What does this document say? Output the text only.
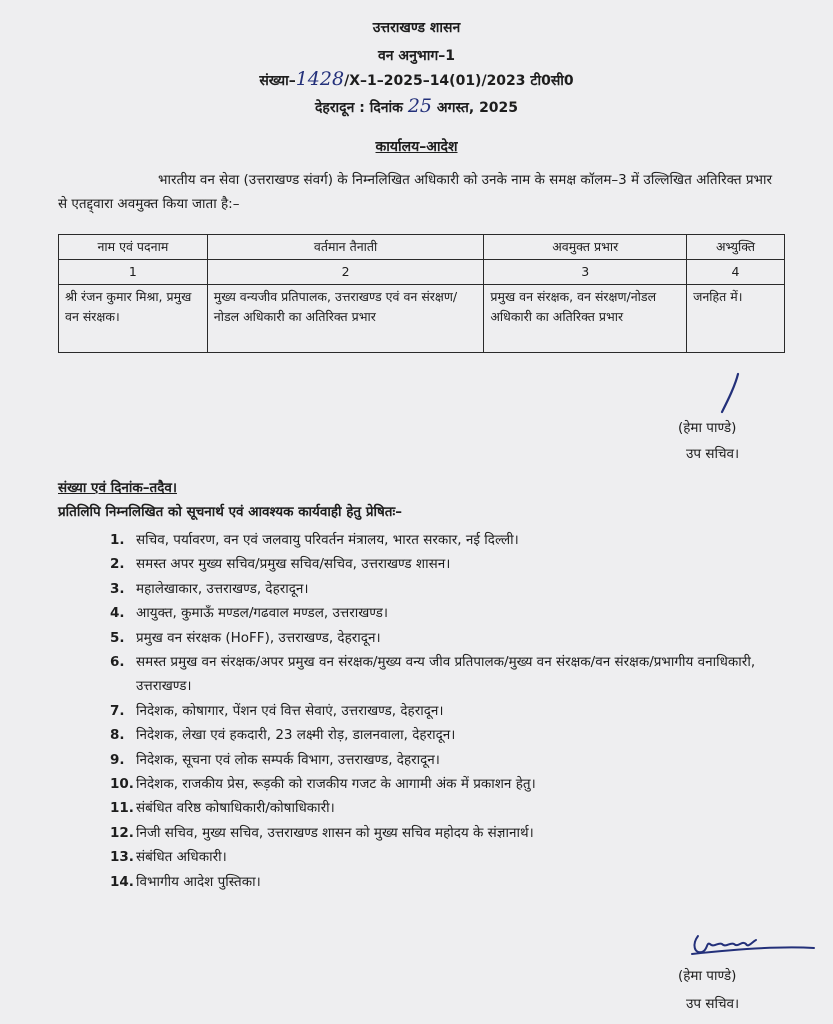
उत्तराखण्ड शासन
वन अनुभाग–1
संख्या–1428/X–1–2025–14(01)/2023 टी0सी0
देहरादून : दिनांक 25 अगस्त, 2025
कार्यालय–आदेश
भारतीय वन सेवा (उत्तराखण्ड संवर्ग) के निम्नलिखित अधिकारी को उनके नाम के समक्ष कॉलम–3 में उल्लिखित अतिरिक्त प्रभार से एतद्द्वारा अवमुक्त किया जाता है:–
नाम एवं पदनाम	वर्तमान तैनाती	अवमुक्त प्रभार	अभ्युक्ति
1	2	3	4
श्री रंजन कुमार मिश्रा, प्रमुख वन संरक्षक।	मुख्य वन्यजीव प्रतिपालक, उत्तराखण्ड एवं वन संरक्षण/नोडल अधिकारी का अतिरिक्त प्रभार	प्रमुख वन संरक्षक, वन संरक्षण/नोडल अधिकारी का अतिरिक्त प्रभार	जनहित में।
(हेमा पाण्डे)
उप सचिव।
संख्या एवं दिनांक–तदैव।
प्रतिलिपि निम्नलिखित को सूचनार्थ एवं आवश्यक कार्यवाही हेतु प्रेषितः–
1. सचिव, पर्यावरण, वन एवं जलवायु परिवर्तन मंत्रालय, भारत सरकार, नई दिल्ली।
2. समस्त अपर मुख्य सचिव/प्रमुख सचिव/सचिव, उत्तराखण्ड शासन।
3. महालेखाकार, उत्तराखण्ड, देहरादून।
4. आयुक्त, कुमाऊँ मण्डल/गढवाल मण्डल, उत्तराखण्ड।
5. प्रमुख वन संरक्षक (HoFF), उत्तराखण्ड, देहरादून।
6. समस्त प्रमुख वन संरक्षक/अपर प्रमुख वन संरक्षक/मुख्य वन्य जीव प्रतिपालक/मुख्य वन संरक्षक/वन संरक्षक/प्रभागीय वनाधिकारी, उत्तराखण्ड।
7. निदेशक, कोषागार, पेंशन एवं वित्त सेवाएं, उत्तराखण्ड, देहरादून।
8. निदेशक, लेखा एवं हकदारी, 23 लक्ष्मी रोड़, डालनवाला, देहरादून।
9. निदेशक, सूचना एवं लोक सम्पर्क विभाग, उत्तराखण्ड, देहरादून।
10. निदेशक, राजकीय प्रेस, रूड़की को राजकीय गजट के आगामी अंक में प्रकाशन हेतु।
11. संबंधित वरिष्ठ कोषाधिकारी/कोषाधिकारी।
12. निजी सचिव, मुख्य सचिव, उत्तराखण्ड शासन को मुख्य सचिव महोदय के संज्ञानार्थ।
13. संबंधित अधिकारी।
14. विभागीय आदेश पुस्तिका।
(हेमा पाण्डे)
उप सचिव।
